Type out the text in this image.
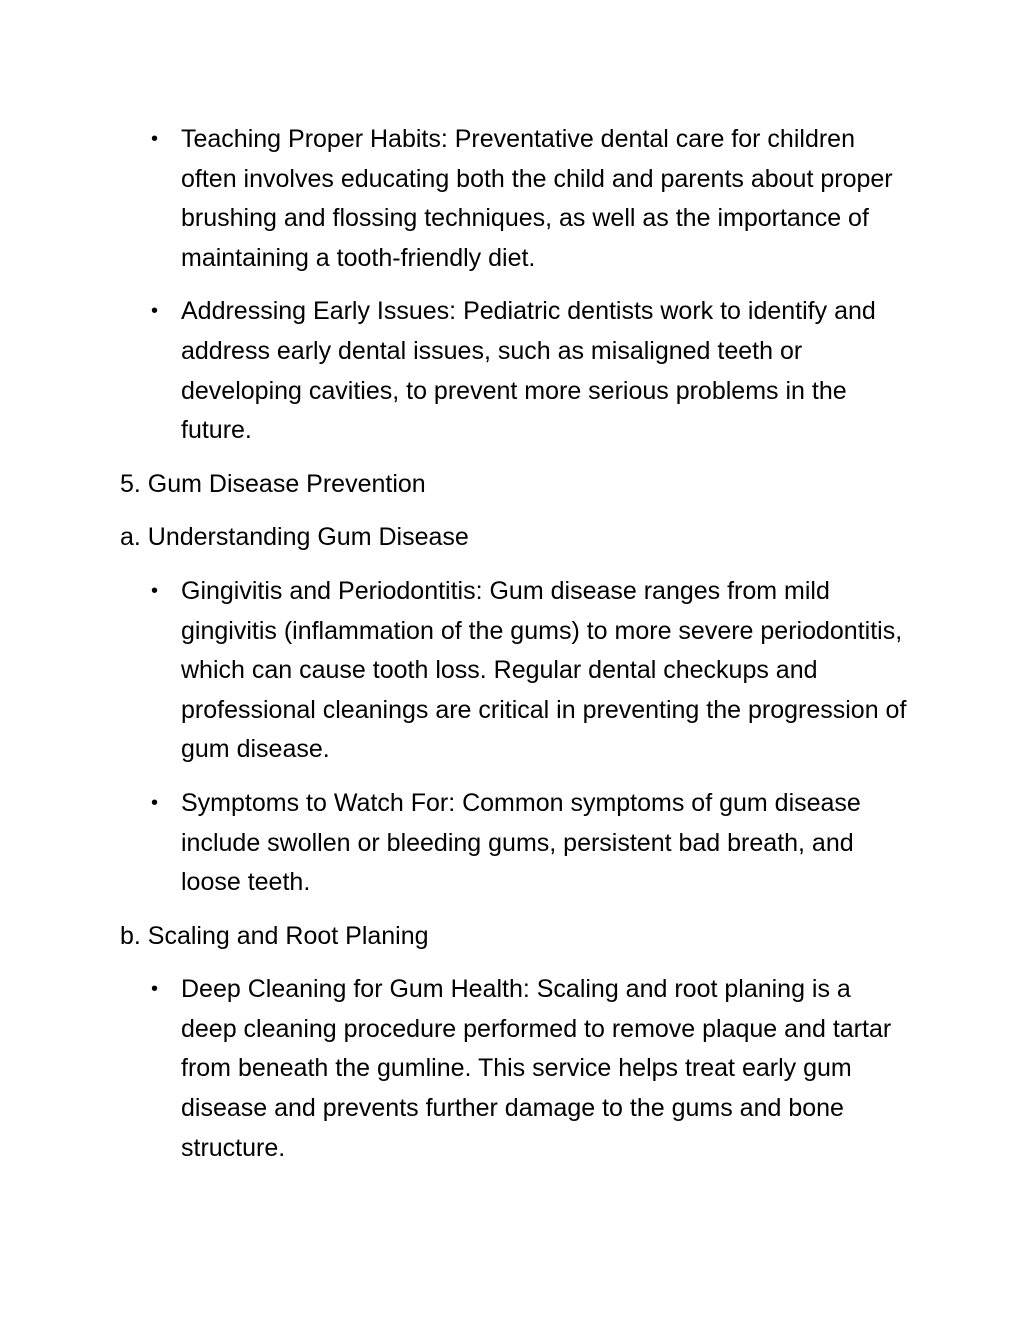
• Teaching Proper Habits: Preventative dental care for children often involves educating both the child and parents about proper brushing and flossing techniques, as well as the importance of maintaining a tooth-friendly diet.
• Addressing Early Issues: Pediatric dentists work to identify and address early dental issues, such as misaligned teeth or developing cavities, to prevent more serious problems in the future.

5. Gum Disease Prevention

a. Understanding Gum Disease

• Gingivitis and Periodontitis: Gum disease ranges from mild gingivitis (inflammation of the gums) to more severe periodontitis, which can cause tooth loss. Regular dental checkups and professional cleanings are critical in preventing the progression of gum disease.
• Symptoms to Watch For: Common symptoms of gum disease include swollen or bleeding gums, persistent bad breath, and loose teeth.

b. Scaling and Root Planing

• Deep Cleaning for Gum Health: Scaling and root planing is a deep cleaning procedure performed to remove plaque and tartar from beneath the gumline. This service helps treat early gum disease and prevents further damage to the gums and bone structure.
